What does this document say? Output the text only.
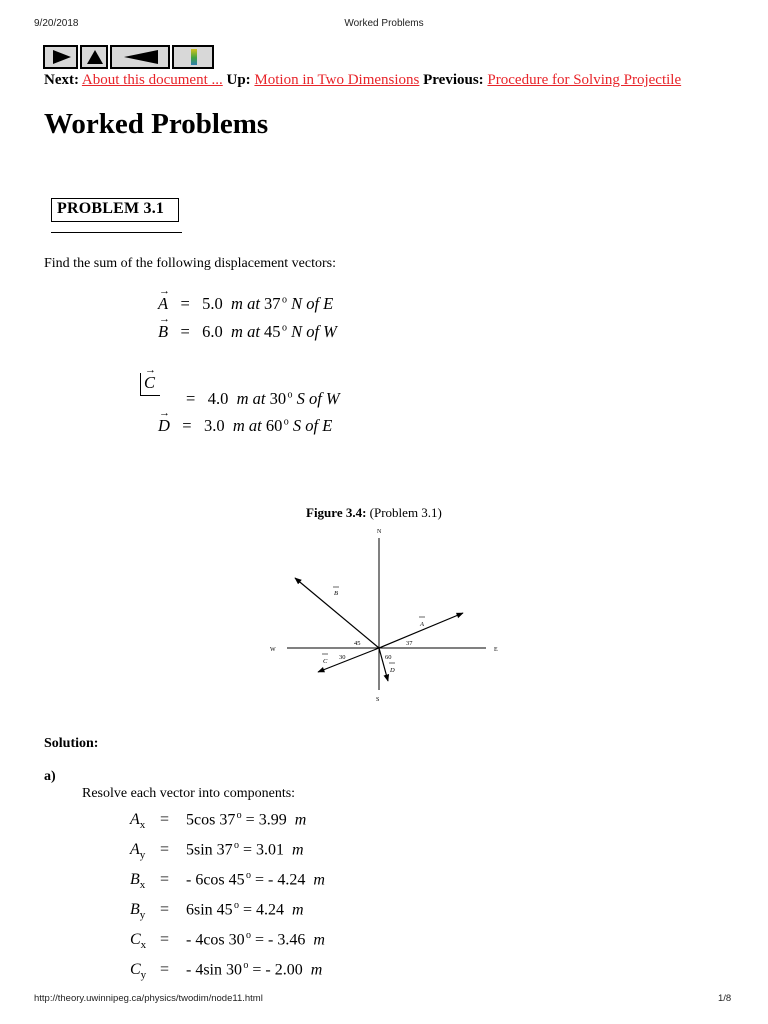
9/20/2018	Worked Problems
Next: About this document ... Up: Motion in Two Dimensions Previous: Procedure for Solving Projectile
Worked Problems
PROBLEM 3.1
Find the sum of the following displacement vectors:
→ A = 5.0 m at 37 $^o$ N of E
→ B = 6.0 m at 45 $^o$ N of W
→ C
= 4.0 m at 30 $^o$ S of W
→ D = 3.0 m at 60 $^o$ S of E
Figure 3.4: (Problem 3.1)
N
S
E
W
A
B
C
D
37
45
30	60
Solution:
a)
Resolve each vector into components:
$A_x = 5\cos$ 37 $^o$ = 3.99 m
$A_y = 5\sin$ 37 $^o$ = 3.01 m
$B_x$ = - 6cos 45 $^o$ = - 4.24 m
$B_y = 6\sin$ 45 $^o$ = 4.24 m
$C_x$ = - 4cos 30 $^o$ = - 3.46 m
$C_y$ = - 4sin 30 $^o$ = - 2.00 m
http://theory.uwinnipeg.ca/physics/twodim/node11.html	1/8
